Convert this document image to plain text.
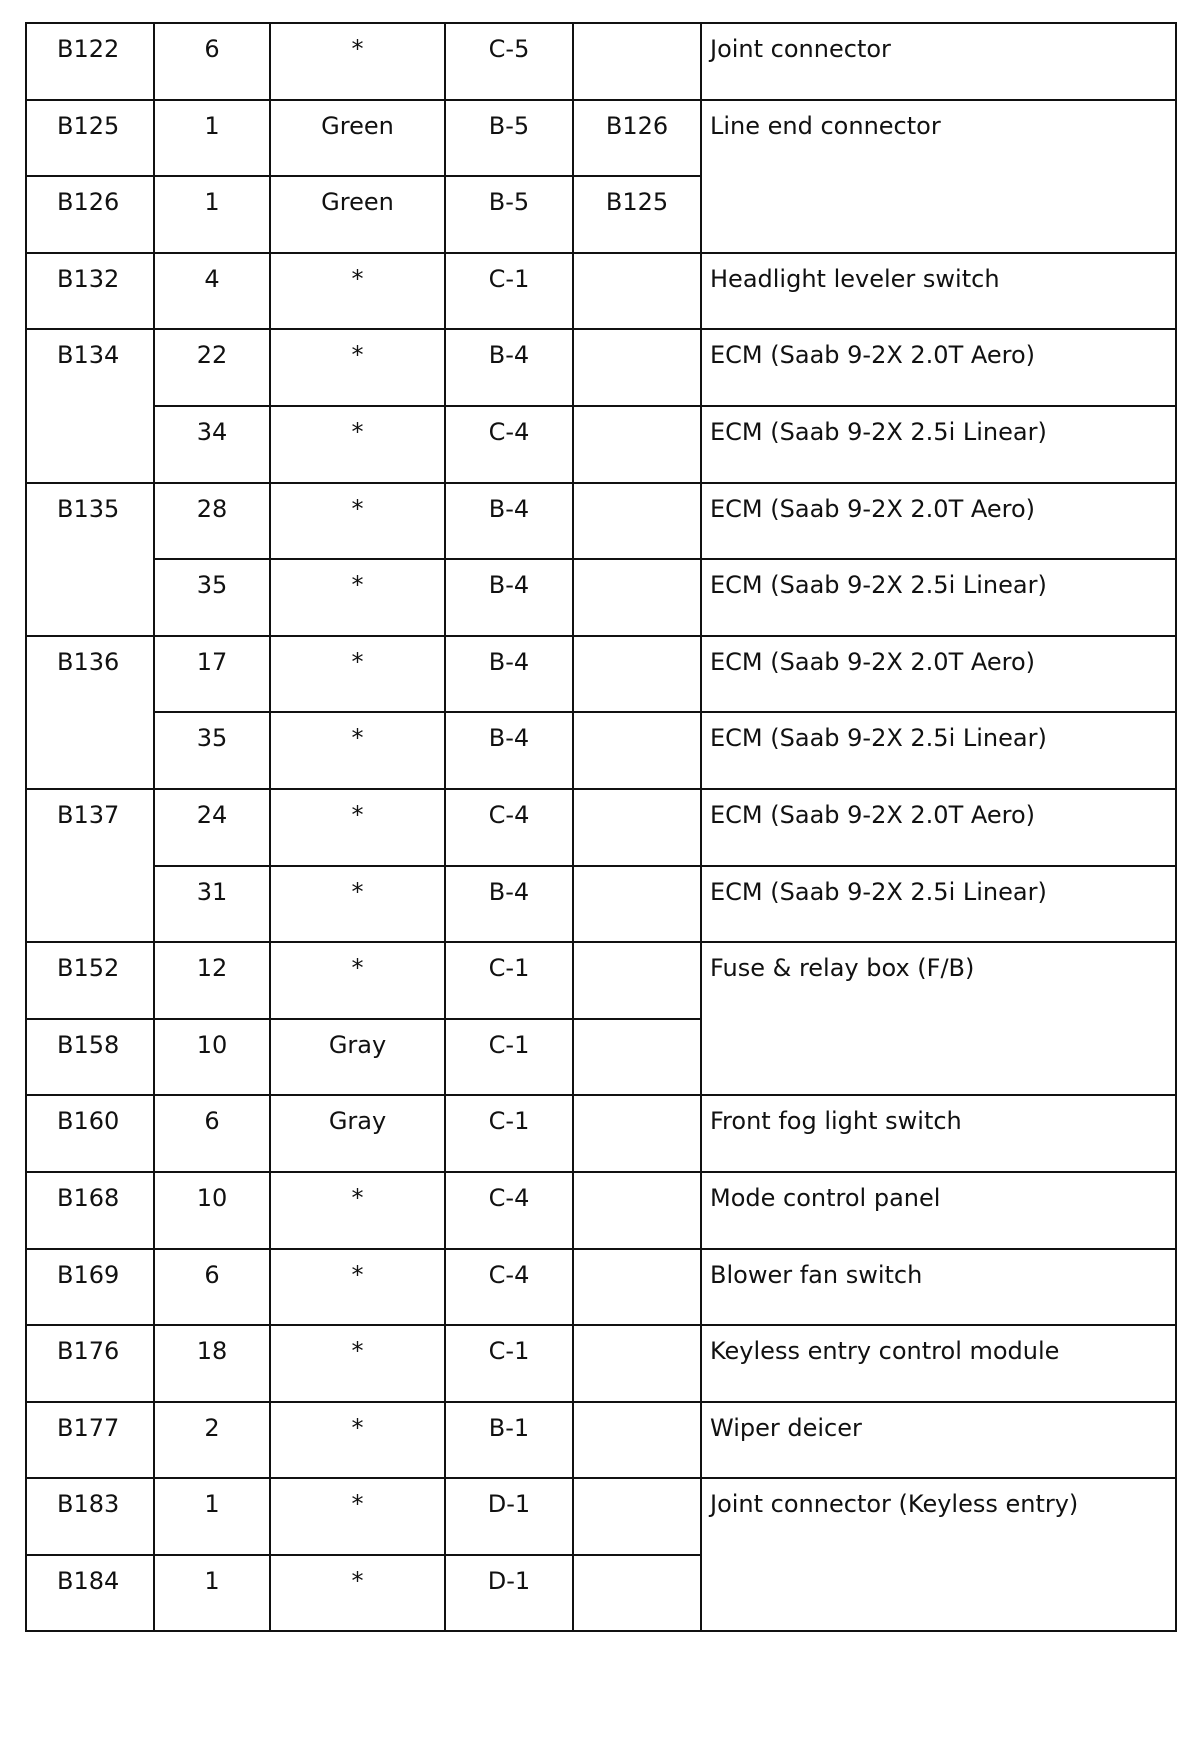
B122	6	*	C-5		Joint connector

B125	1	Green	B-5	B126	Line end connector

B126	1	Green	B-5	B125	

B132	4	*	C-1		Headlight leveler switch

B134	22	*	B-4		ECM (Saab 9-2X 2.0T Aero)

	34	*	C-4		ECM (Saab 9-2X 2.5i Linear)

B135	28	*	B-4		ECM (Saab 9-2X 2.0T Aero)

	35	*	B-4		ECM (Saab 9-2X 2.5i Linear)

B136	17	*	B-4		ECM (Saab 9-2X 2.0T Aero)

	35	*	B-4		ECM (Saab 9-2X 2.5i Linear)

B137	24	*	C-4		ECM (Saab 9-2X 2.0T Aero)

	31	*	B-4		ECM (Saab 9-2X 2.5i Linear)

B152	12	*	C-1		Fuse & relay box (F/B)

B158	10	Gray	C-1		

B160	6	Gray	C-1		Front fog light switch

B168	10	*	C-4		Mode control panel

B169	6	*	C-4		Blower fan switch

B176	18	*	C-1		Keyless entry control module

B177	2	*	B-1		Wiper deicer

B183	1	*	D-1		Joint connector (Keyless entry)

B184	1	*	D-1		
